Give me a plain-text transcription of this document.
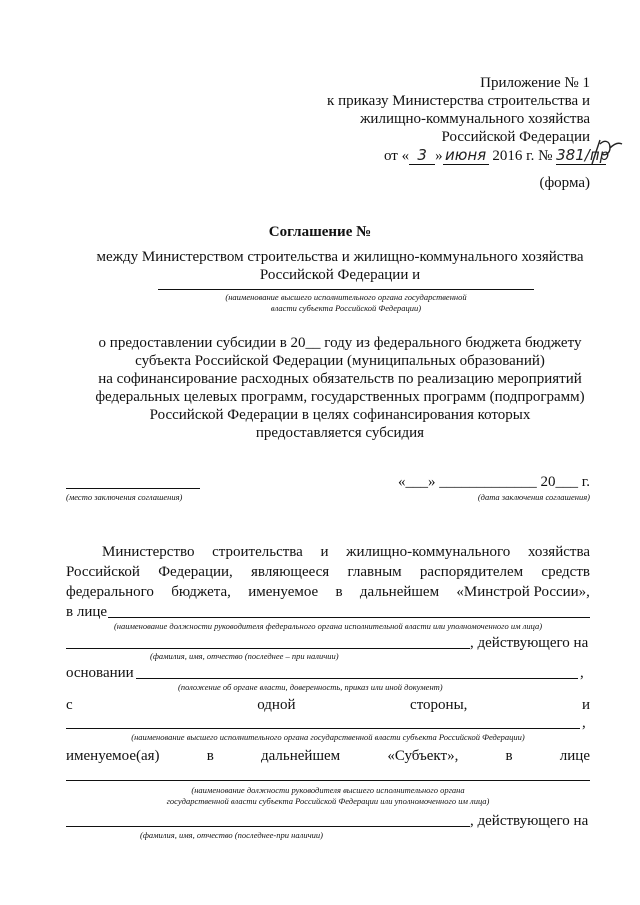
Приложение № 1
к приказу Министерства строительства и
жилищно-коммунального хозяйства
Российской Федерации
от « 3 » июня 2016 г. № 381/пр
(форма)
Соглашение №
между Министерством строительства и жилищно-коммунального хозяйства
Российской Федерации и
(наименование высшего исполнительного органа государственной
власти субъекта Российской Федерации)
о предоставлении субсидии в 20__ году из федерального бюджета бюджету
субъекта Российской Федерации (муниципальных образований)
на софинансирование расходных обязательств по реализацию мероприятий
федеральных целевых программ, государственных программ (подпрограмм)
Российской Федерации в целях софинансирования которых
предоставляется субсидия
«___» _____________ 20___ г.
(место заключения соглашения)	(дата заключения соглашения)
Министерство строительства и жилищно-коммунального хозяйства
Российской Федерации, являющееся главным распорядителем средств
федерального бюджета, именуемое в дальнейшем «Минстрой России»,
в лице
(наименование должности руководителя федерального органа исполнительной власти или уполномоченного им лица)
, действующего на
(фамилия, имя, отчество (последнее – при наличии)
основании	,
(положение об органе власти, доверенность, приказ или иной документ)
с	одной	стороны,	и
,
(наименование высшего исполнительного органа государственной власти субъекта Российской Федерации)
именуемое(ая)	в	дальнейшем	«Субъект»,	в	лице
(наименование должности руководителя высшего исполнительного органа
государственной власти субъекта Российской Федерации или уполномоченного им лица)
, действующего на
(фамилия, имя, отчество (последнее-при наличии)
